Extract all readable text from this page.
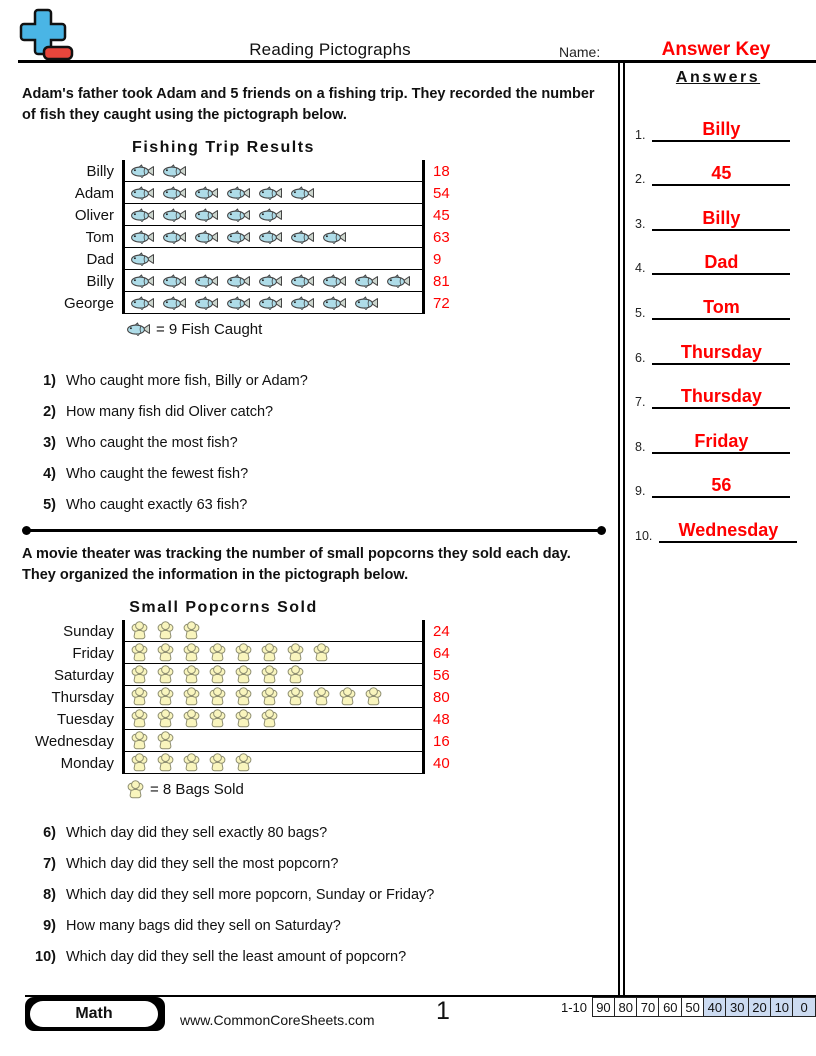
Reading Pictographs	Name:	Answer Key
Adam's father took Adam and 5 friends on a fishing trip. They recorded the number of fish they caught using the pictograph below.
Fishing Trip Results
Billy	18
Adam	54
Oliver	45
Tom	63
Dad	9
Billy	81
George	72
= 9 Fish Caught
1) Who caught more fish, Billy or Adam?
2) How many fish did Oliver catch?
3) Who caught the most fish?
4) Who caught the fewest fish?
5) Who caught exactly 63 fish?
A movie theater was tracking the number of small popcorns they sold each day. They organized the information in the pictograph below.
Small Popcorns Sold
Sunday	24
Friday	64
Saturday	56
Thursday	80
Tuesday	48
Wednesday	16
Monday	40
= 8 Bags Sold
6) Which day did they sell exactly 80 bags?
7) Which day did they sell the most popcorn?
8) Which day did they sell more popcorn, Sunday or Friday?
9) How many bags did they sell on Saturday?
10) Which day did they sell the least amount of popcorn?
Answers
1.	Billy
2.	45
3.	Billy
4.	Dad
5.	Tom
6.	Thursday
7.	Thursday
8.	Friday
9.	56
10.	Wednesday
Math	www.CommonCoreSheets.com	1	1-10 90 80 70 60 50 40 30 20 10 0
